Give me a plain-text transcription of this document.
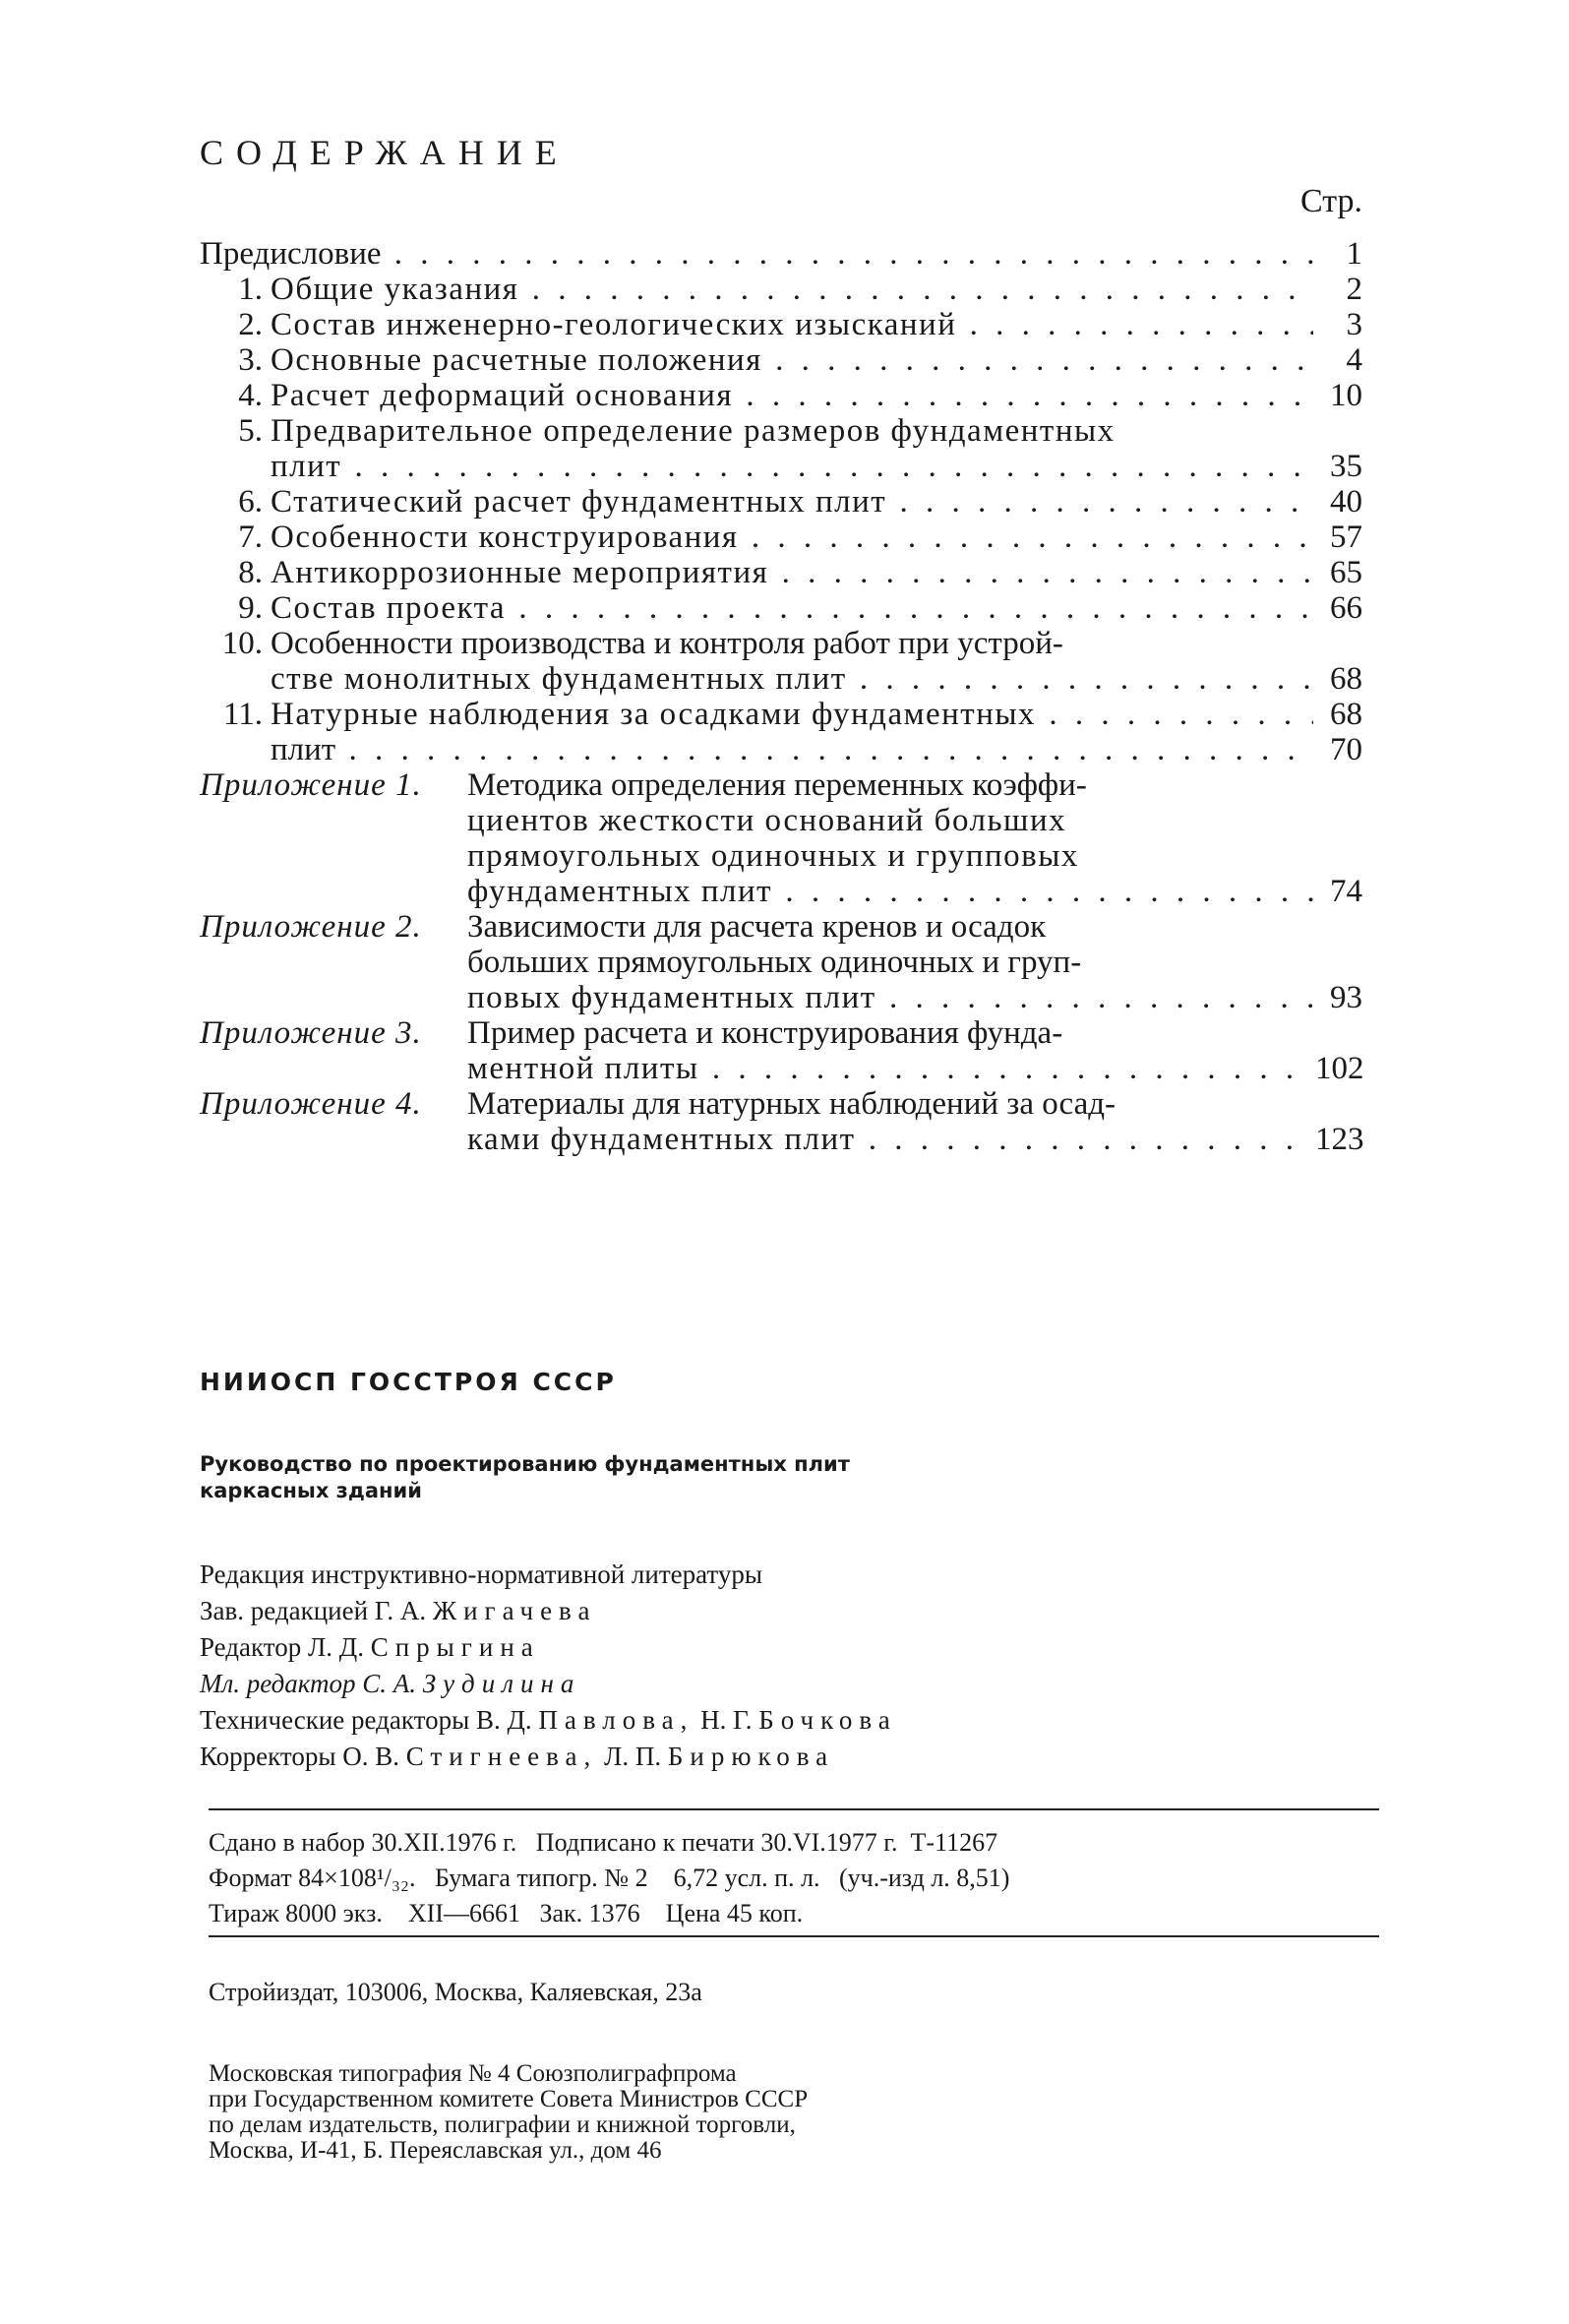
СОДЕРЖАНИЕ
Стр.
Предисловие . . .	1
1. Общие указания . . .	2
2. Состав инженерно-геологических изысканий . . .	3
3. Основные расчетные положения . . .	4
4. Расчет деформаций основания . . .	10
5. Предварительное определение размеров фундаментных
плит . . .	35
6. Статический расчет фундаментных плит . . .	40
7. Особенности конструирования . . .	57
8. Антикоррозионные мероприятия . . .	65
9. Состав проекта . . .	66
10. Особенности производства и контроля работ при устрой-
стве монолитных фундаментных плит . . .	68
11. Натурные наблюдения за осадками фундаментных . . .	68
плит . . .	70
Приложение 1. Методика определения переменных коэффи-
циентов жесткости оснований больших
прямоугольных одиночных и групповых
фундаментных плит . . .	74
Приложение 2. Зависимости для расчета кренов и осадок
больших прямоугольных одиночных и груп-
повых фундаментных плит . . .	93
Приложение 3. Пример расчета и конструирования фунда-
ментной плиты . . .	102
Приложение 4. Материалы для натурных наблюдений за осад-
ками фундаментных плит . . .	123
НИИОСП ГОССТРОЯ СССР
Руководство по проектированию фундаментных плит
каркасных зданий
Редакция инструктивно-нормативной литературы
Зав. редакцией Г. А. Жигачева
Редактор Л. Д. Спрыгина
Мл. редактор С. А. Зудилина
Технические редакторы В. Д. Павлова, Н. Г. Бочкова
Корректоры О. В. Стигнеева, Л. П. Бирюкова
Сдано в набор 30.XII.1976 г.   Подписано к печати 30.VI.1977 г.  Т-11267
Формат 84×108¹/₃₂.   Бумага типогр. № 2    6,72 усл. п. л.   (уч.-изд л. 8,51)
Тираж 8000 экз.    XII—6661   Зак. 1376    Цена 45 коп.
Стройиздат, 103006, Москва, Каляевская, 23а
Московская типография № 4 Союзполиграфпрома
при Государственном комитете Совета Министров СССР
по делам издательств, полиграфии и книжной торговли,
Москва, И-41, Б. Переяславская ул., дом 46
